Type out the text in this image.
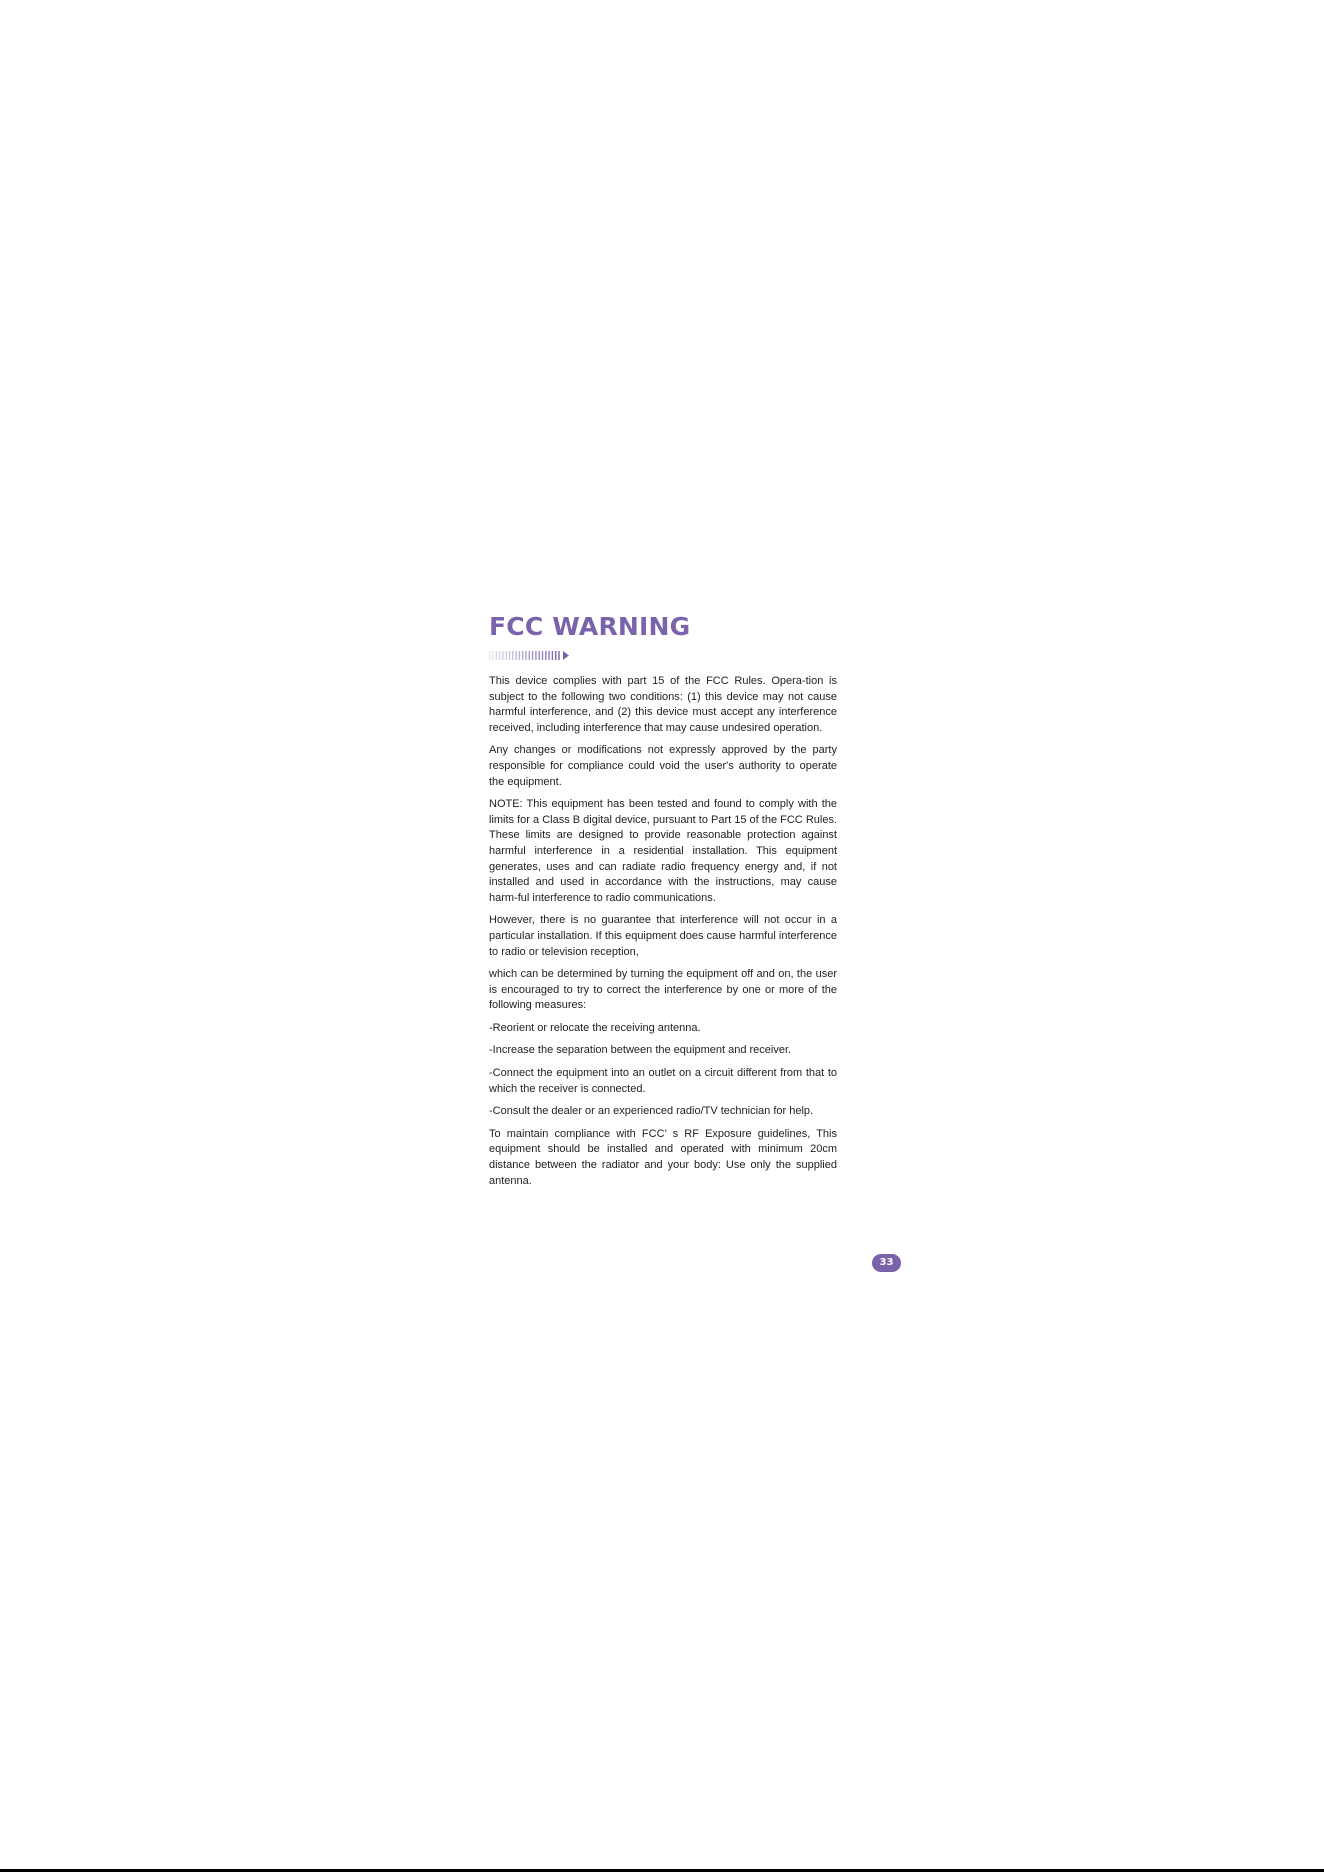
FCC WARNING

This device complies with part 15 of the FCC Rules. Opera-tion is subject to the following two conditions: (1) this device may not cause harmful interference, and (2) this device must accept any interference received, including interference that may cause undesired operation.

Any changes or modifications not expressly approved by the party responsible for compliance could void the user's authority to operate the equipment.

NOTE: This equipment has been tested and found to comply with the limits for a Class B digital device, pursuant to Part 15 of the FCC Rules. These limits are designed to provide reasonable protection against harmful interference in a residential installation. This equipment generates, uses and can radiate radio frequency energy and, if not installed and used in accordance with the instructions, may cause harm-ful interference to radio communications.

However, there is no guarantee that interference will not occur in a particular installation. If this equipment does cause harmful interference to radio or television reception,

which can be determined by turning the equipment off and on, the user is encouraged to try to correct the interference by one or more of the following measures:

-Reorient or relocate the receiving antenna.

-Increase the separation between the equipment and receiver.

-Connect the equipment into an outlet on a circuit different from that to which the receiver is connected.

-Consult the dealer or an experienced radio/TV technician for help.

To maintain compliance with FCC’ s RF Exposure guidelines, This equipment should be installed and operated with minimum 20cm distance between the radiator and your body: Use only the supplied antenna.

33
